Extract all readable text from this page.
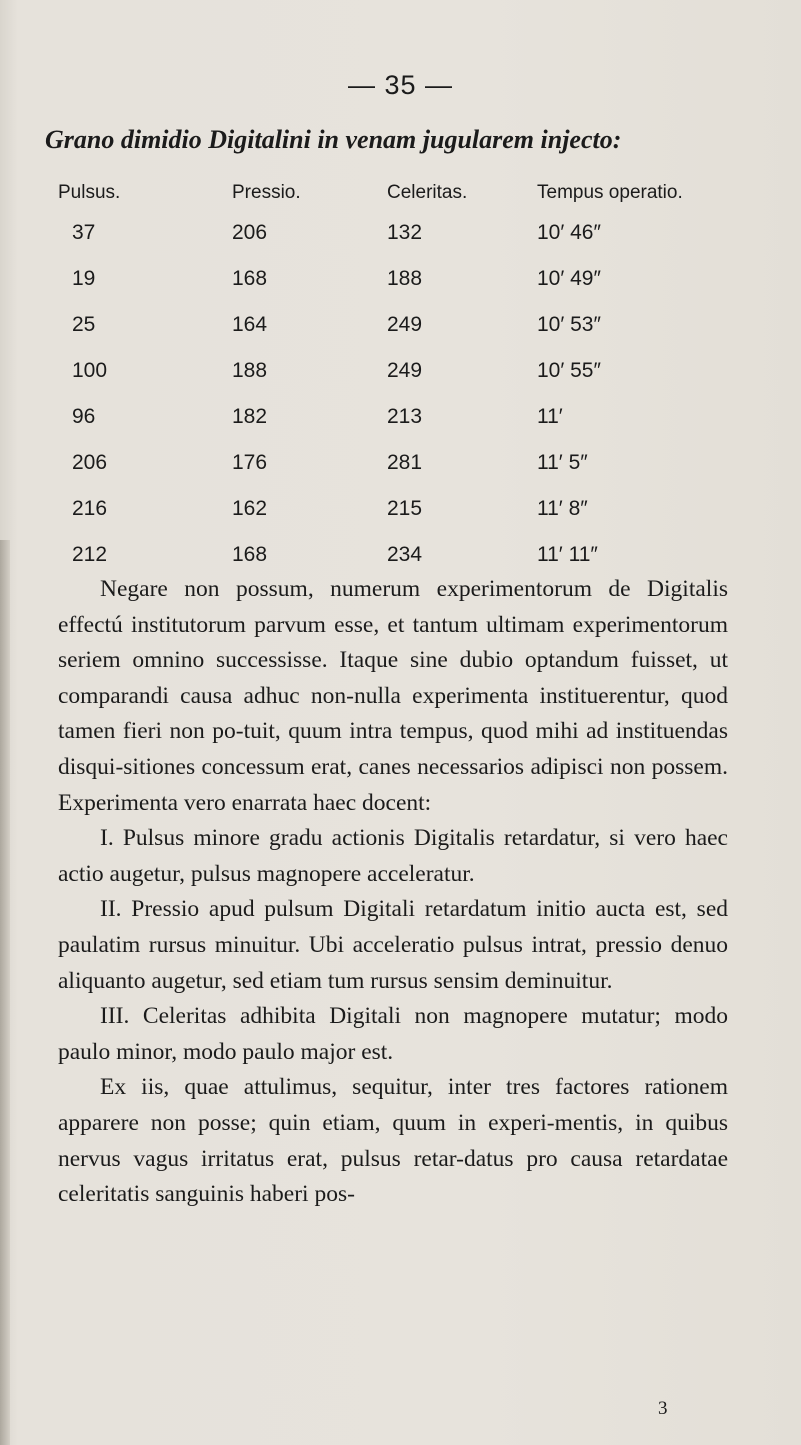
— 35 —
Grano dimidio Digitalini in venam jugularem injecto:
Pulsus.	Pressio.	Celeritas.	Tempus operatio.
37	206	132	10′ 46″
19	168	188	10′ 49″
25	164	249	10′ 53″
100	188	249	10′ 55″
96	182	213	11′
206	176	281	11′ 5″
216	162	215	11′ 8″
212	168	234	11′ 11″

Negare non possum, numerum experimentorum de Digitalis effectú institutorum parvum esse, et tantum ultimam experimentorum seriem omnino successisse. Itaque sine dubio optandum fuisset, ut comparandi causa adhuc non-nulla experimenta instituerentur, quod tamen fieri non po-tuit, quum intra tempus, quod mihi ad instituendas disqui-sitiones concessum erat, canes necessarios adipisci non possem. Experimenta vero enarrata haec docent:

I. Pulsus minore gradu actionis Digitalis retardatur, si vero haec actio augetur, pulsus magnopere acceleratur.

II. Pressio apud pulsum Digitali retardatum initio aucta est, sed paulatim rursus minuitur. Ubi acceleratio pulsus intrat, pressio denuo aliquanto augetur, sed etiam tum rursus sensim deminuitur.

III. Celeritas adhibita Digitali non magnopere mutatur; modo paulo minor, modo paulo major est.

Ex iis, quae attulimus, sequitur, inter tres factores rationem apparere non posse; quin etiam, quum in experi-mentis, in quibus nervus vagus irritatus erat, pulsus retar-datus pro causa retardatae celeritatis sanguinis haberi pos-

3
